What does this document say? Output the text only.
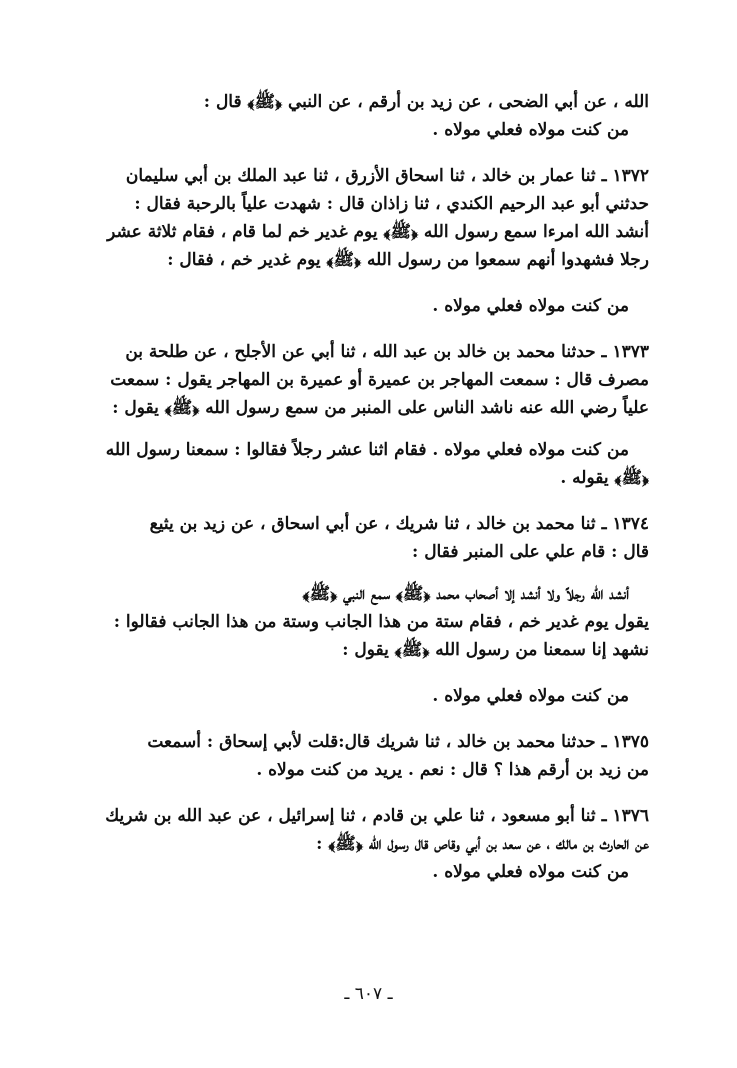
الله ، عن أبي الضحى ، عن زيد بن أرقم ، عن النبي ﴿ﷺ﴾ قال :
من كنت مولاه فعلي مولاه .
١٣٧٢ ـ ثنا عمار بن خالد ، ثنا اسحاق الأزرق ، ثنا عبد الملك بن أبي سليمان
حدثني أبو عبد الرحيم الكندي ، ثنا زاذان قال : شهدت علياً بالرحبة فقال :
أنشد الله امرءا سمع رسول الله ﴿ﷺ﴾ يوم غدير خم لما قام ، فقام ثلاثة عشر
رجلا فشهدوا أنهم سمعوا من رسول الله ﴿ﷺ﴾ يوم غدير خم ، فقال :
من كنت مولاه فعلي مولاه .
١٣٧٣ ـ حدثنا محمد بن خالد بن عبد الله ، ثنا أبي عن الأجلح ، عن طلحة بن
مصرف قال : سمعت المهاجر بن عميرة أو عميرة بن المهاجر يقول : سمعت
علياً رضي الله عنه ناشد الناس على المنبر من سمع رسول الله ﴿ﷺ﴾ يقول :
من كنت مولاه فعلي مولاه . فقام اثنا عشر رجلاً فقالوا : سمعنا رسول الله
﴿ﷺ﴾ يقوله .
١٣٧٤ ـ ثنا محمد بن خالد ، ثنا شريك ، عن أبي اسحاق ، عن زيد بن يثيع
قال : قام علي على المنبر فقال :
أنشد الله رجلاً ولا أنشد إلا أصحاب محمد ﴿ﷺ﴾ سمع النبي ﴿ﷺ﴾
يقول يوم غدير خم ، فقام ستة من هذا الجانب وستة من هذا الجانب فقالوا :
نشهد إنا سمعنا من رسول الله ﴿ﷺ﴾ يقول :
من كنت مولاه فعلي مولاه .
١٣٧٥ ـ حدثنا محمد بن خالد ، ثنا شريك قال:قلت لأبي إسحاق : أسمعت
من زيد بن أرقم هذا ؟ قال : نعم . يريد من كنت مولاه .
١٣٧٦ ـ ثنا أبو مسعود ، ثنا علي بن قادم ، ثنا إسرائيل ، عن عبد الله بن شريك
عن الحارث بن مالك ، عن سعد بن أبي وقاص قال رسول الله ﴿ﷺ﴾ :
من كنت مولاه فعلي مولاه .
ـ ٦٠٧ ـ
